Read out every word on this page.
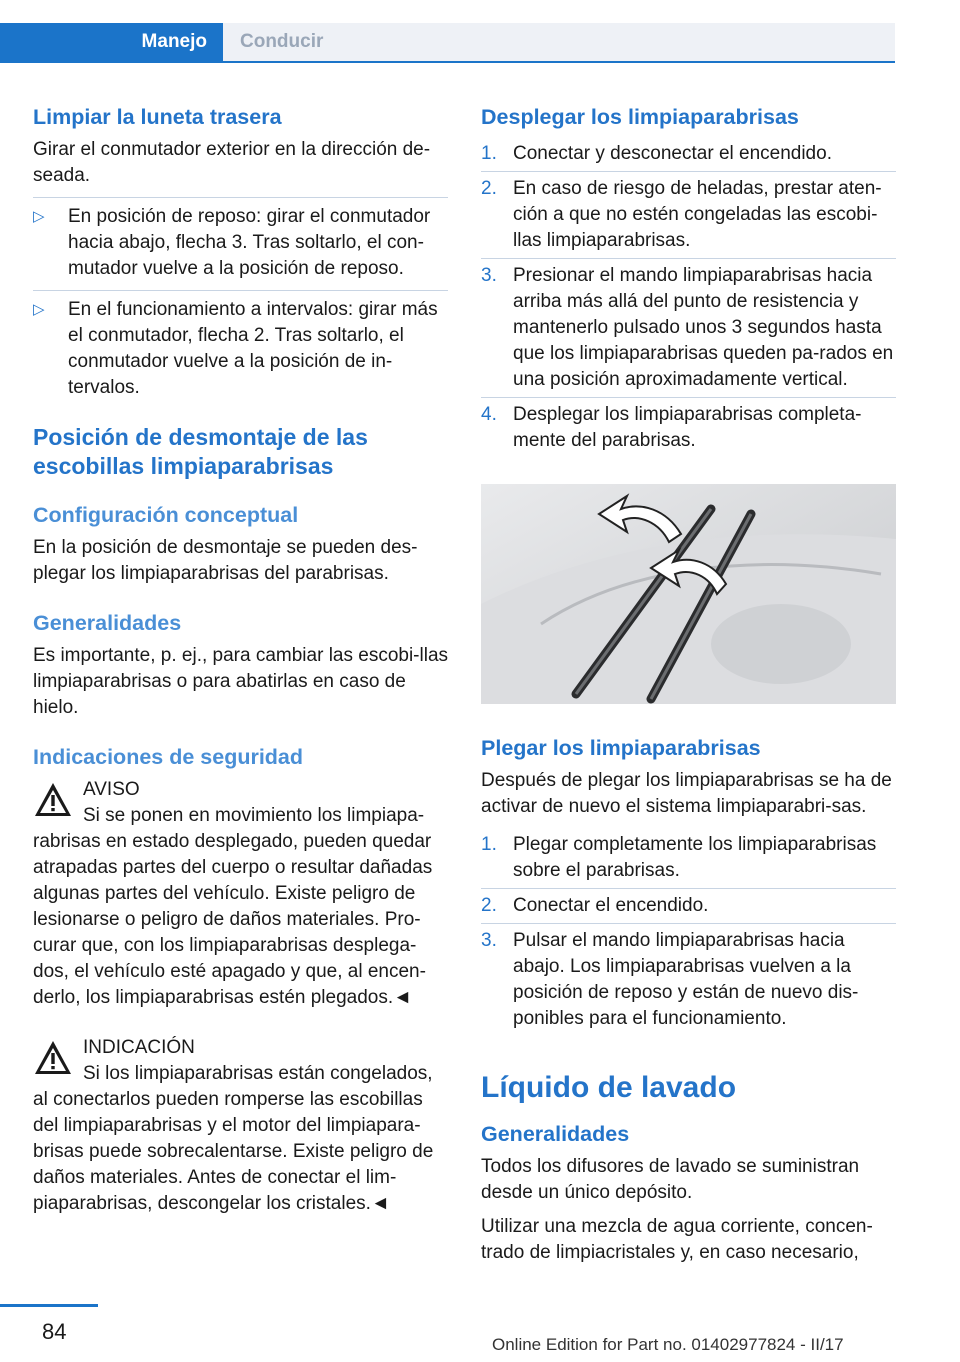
Manejo Conducir
Limpiar la luneta trasera

Girar el conmutador exterior en la dirección de-seada.

▷ En posición de reposo: girar el conmutador hacia abajo, flecha 3. Tras soltarlo, el con-mutador vuelve a la posición de reposo.
▷ En el funcionamiento a intervalos: girar más el conmutador, flecha 2. Tras soltarlo, el conmutador vuelve a la posición de in-tervalos.
Posición de desmontaje de las escobillas limpiaparabrisas
Configuración conceptual

En la posición de desmontaje se pueden des-plegar los limpiaparabrisas del parabrisas.

Generalidades

Es importante, p. ej., para cambiar las escobi-llas limpiaparabrisas o para abatirlas en caso de hielo.

Indicaciones de seguridad

AVISO

Si se ponen en movimiento los limpiapa-rabrisas en estado desplegado, pueden quedar atrapadas partes del cuerpo o resultar dañadas algunas partes del vehículo. Existe peligro de lesionarse o peligro de daños materiales. Pro-curar que, con los limpiaparabrisas desplega-dos, el vehículo esté apagado y que, al encen-derlo, los limpiaparabrisas estén plegados.◄

INDICACIÓN

Si los limpiaparabrisas están congelados, al conectarlos pueden romperse las escobillas del limpiaparabrisas y el motor del limpiapara-brisas puede sobrecalentarse. Existe peligro de daños materiales. Antes de conectar el lim-piaparabrisas, descongelar los cristales.◄

Desplegar los limpiaparabrisas
1. Conectar y desconectar el encendido.
2. En caso de riesgo de heladas, prestar aten-ción a que no estén congeladas las escobi-llas limpiaparabrisas.
3. Presionar el mando limpiaparabrisas hacia arriba más allá del punto de resistencia y mantenerlo pulsado unos 3 segundos hasta que los limpiaparabrisas queden pa-rados en una posición aproximadamente vertical.
4. Desplegar los limpiaparabrisas completa-mente del parabrisas.
Plegar los limpiaparabrisas

Después de plegar los limpiaparabrisas se ha de activar de nuevo el sistema limpiaparabri-sas.

1. Plegar completamente los limpiaparabrisas sobre el parabrisas.
2. Conectar el encendido.
3. Pulsar el mando limpiaparabrisas hacia abajo. Los limpiaparabrisas vuelven a la posición de reposo y están de nuevo dis-ponibles para el funcionamiento.
Líquido de lavado
Generalidades

Todos los difusores de lavado se suministran desde un único depósito.

Utilizar una mezcla de agua corriente, concen-trado de limpiacristales y, en caso necesario,

84
Online Edition for Part no. 01402977824 - II/17
